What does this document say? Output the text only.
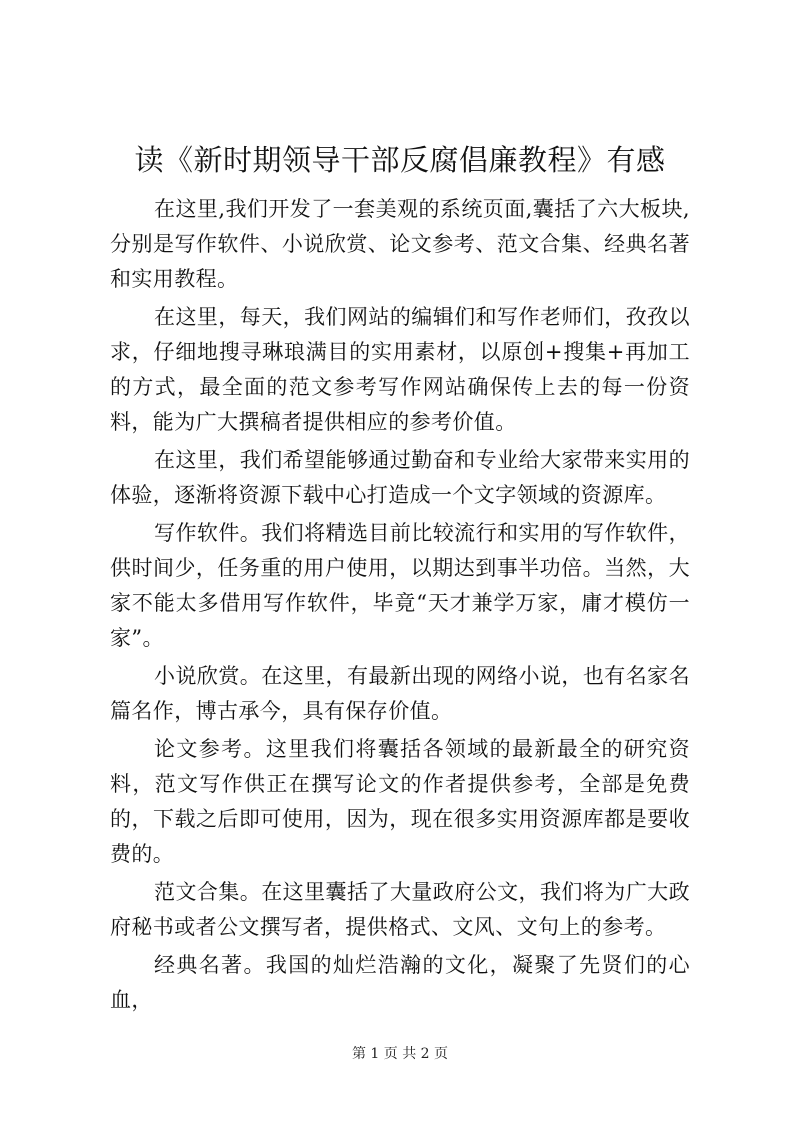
读《新时期领导干部反腐倡廉教程》有感

在这里,我们开发了一套美观的系统页面,囊括了六大板块,分别是写作软件、小说欣赏、论文参考、范文合集、经典名著和实用教程。

在这里，每天，我们网站的编辑们和写作老师们，孜孜以求，仔细地搜寻琳琅满目的实用素材，以原创+搜集+再加工的方式，最全面的范文参考写作网站确保传上去的每一份资料，能为广大撰稿者提供相应的参考价值。

在这里，我们希望能够通过勤奋和专业给大家带来实用的体验，逐渐将资源下载中心打造成一个文字领域的资源库。

写作软件。我们将精选目前比较流行和实用的写作软件，供时间少，任务重的用户使用，以期达到事半功倍。当然，大家不能太多借用写作软件，毕竟“天才兼学万家，庸才模仿一家”。

小说欣赏。在这里，有最新出现的网络小说，也有名家名篇名作，博古承今，具有保存价值。

论文参考。这里我们将囊括各领域的最新最全的研究资料，范文写作供正在撰写论文的作者提供参考，全部是免费的，下载之后即可使用，因为，现在很多实用资源库都是要收费的。

范文合集。在这里囊括了大量政府公文，我们将为广大政府秘书或者公文撰写者，提供格式、文风、文句上的参考。

经典名著。我国的灿烂浩瀚的文化，凝聚了先贤们的心血，

第 1 页 共 2 页
